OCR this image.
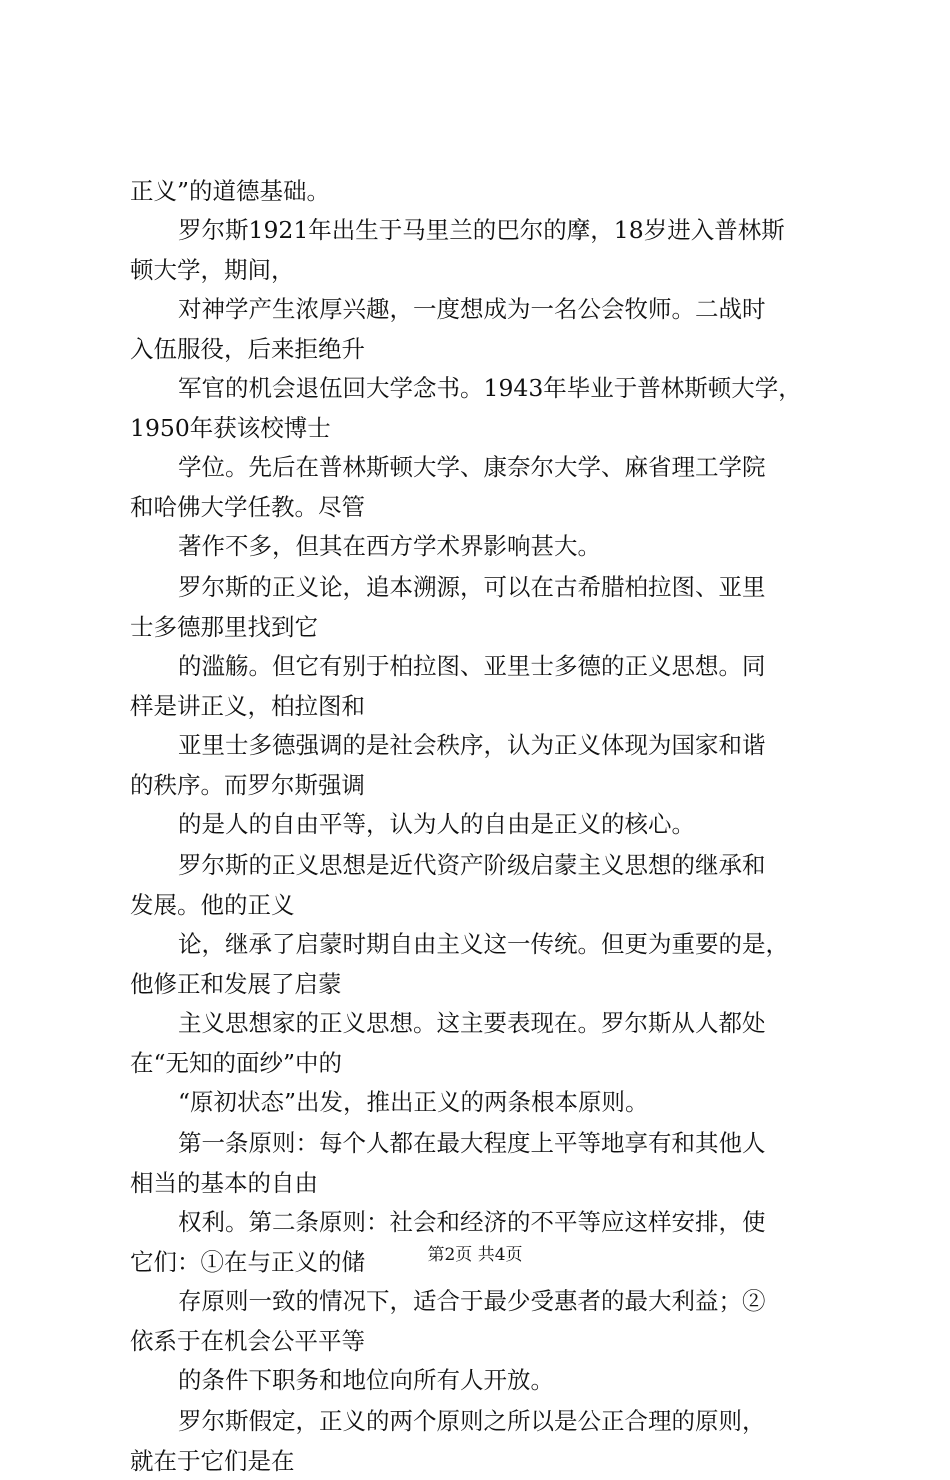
正义”的道德基础。
罗尔斯1921年出生于马里兰的巴尔的摩，18岁进入普林斯
顿大学，期间，
对神学产生浓厚兴趣，一度想成为一名公会牧师。二战时
入伍服役，后来拒绝升
军官的机会退伍回大学念书。1943年毕业于普林斯顿大学，
1950年获该校博士
学位。先后在普林斯顿大学、康奈尔大学、麻省理工学院
和哈佛大学任教。尽管
著作不多，但其在西方学术界影响甚大。
罗尔斯的正义论，追本溯源，可以在古希腊柏拉图、亚里
士多德那里找到它
的滥觞。但它有别于柏拉图、亚里士多德的正义思想。同
样是讲正义，柏拉图和
亚里士多德强调的是社会秩序，认为正义体现为国家和谐
的秩序。而罗尔斯强调
的是人的自由平等，认为人的自由是正义的核心。
罗尔斯的正义思想是近代资产阶级启蒙主义思想的继承和
发展。他的正义
论，继承了启蒙时期自由主义这一传统。但更为重要的是，
他修正和发展了启蒙
主义思想家的正义思想。这主要表现在。罗尔斯从人都处
在“无知的面纱”中的
“原初状态”出发，推出正义的两条根本原则。
第一条原则：每个人都在最大程度上平等地享有和其他人
相当的基本的自由
权利。第二条原则：社会和经济的不平等应这样安排，使
它们：①在与正义的储
存原则一致的情况下，适合于最少受惠者的最大利益；②
依系于在机会公平平等
的条件下职务和地位向所有人开放。
罗尔斯假定，正义的两个原则之所以是公正合理的原则，
就在于它们是在
第2页 共4页
